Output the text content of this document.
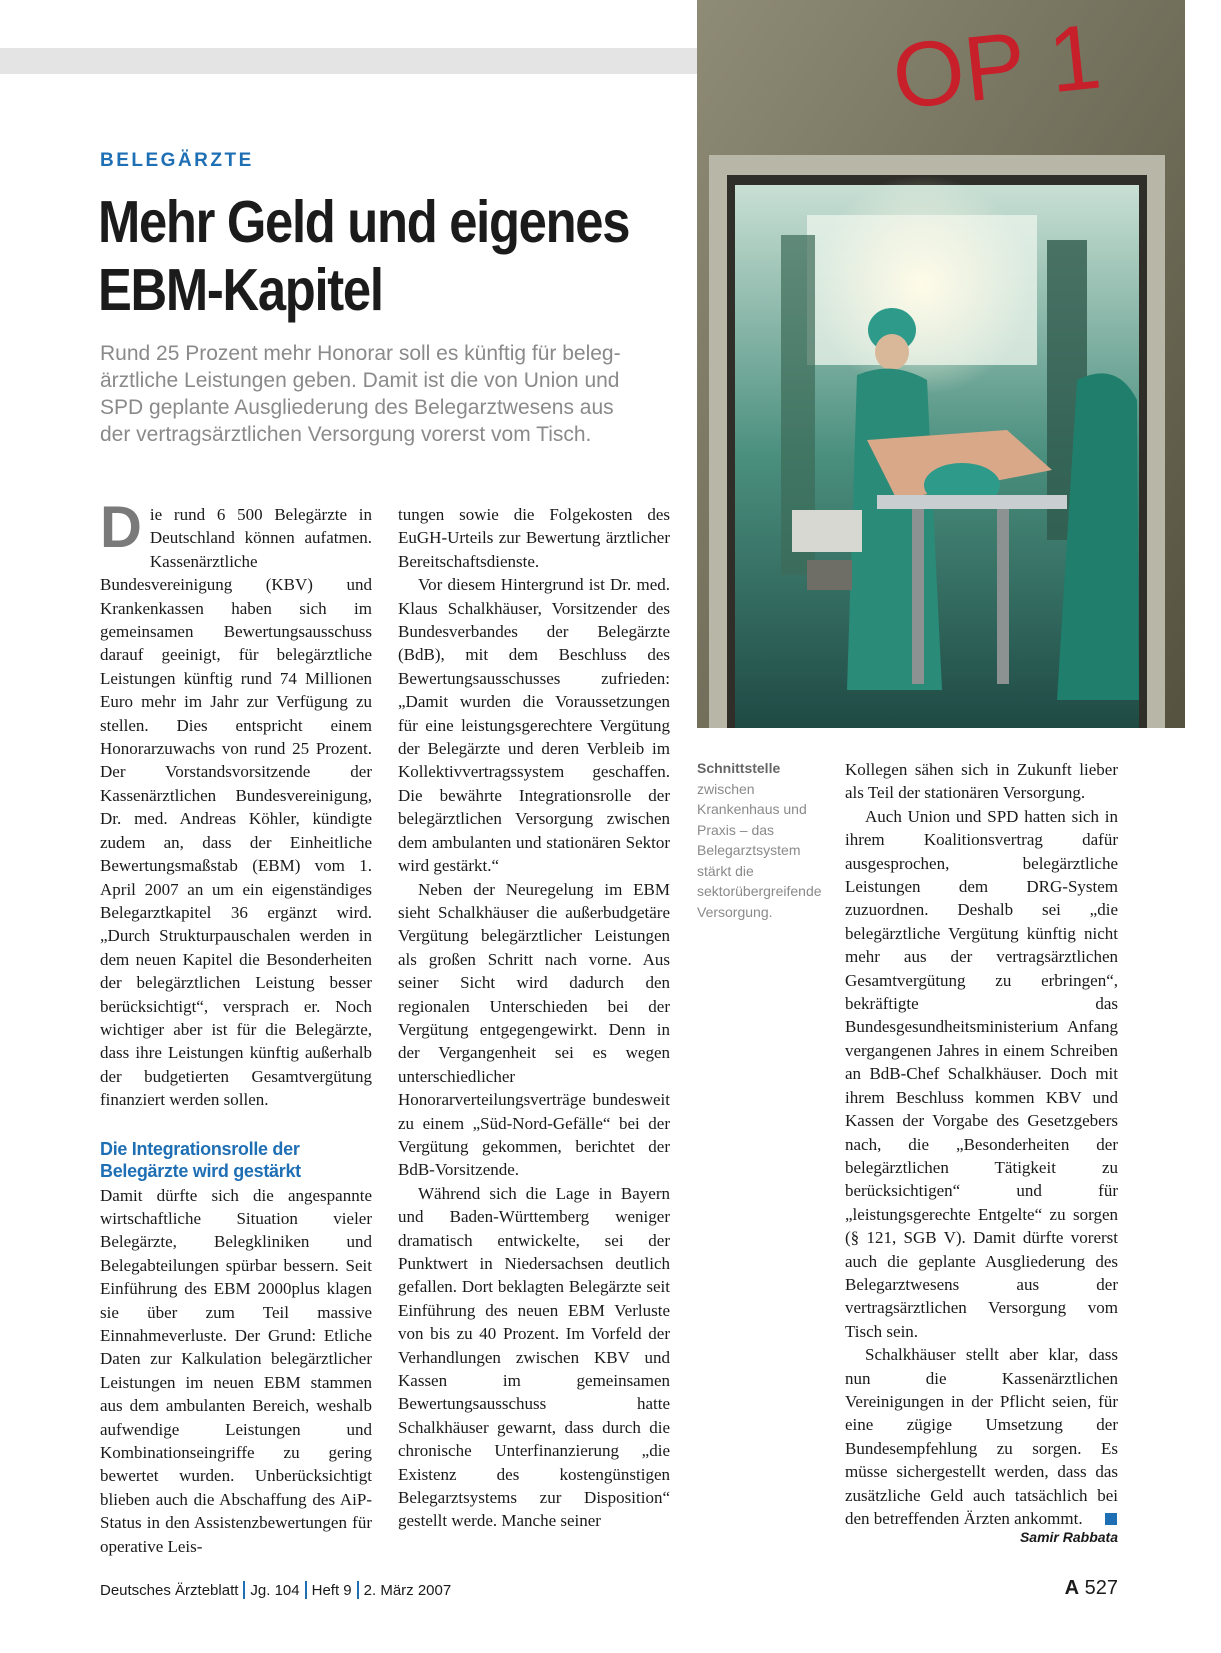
BELEGÄRZTE
Mehr Geld und eigenes
EBM-Kapitel

Rund 25 Prozent mehr Honorar soll es künftig für beleg-
ärztliche Leistungen geben. Damit ist die von Union und
SPD geplante Ausgliederung des Belegarztwesens aus
der vertragsärztlichen Versorgung vorerst vom Tisch.

OP 1
Schnittstelle zwischen Krankenhaus und Praxis – das Belegarztsystem stärkt die sektorübergreifende Versorgung.

Die rund 6 500 Belegärzte in Deutschland können aufatmen. Kassenärztliche Bundesvereinigung (KBV) und Krankenkassen haben sich im gemeinsamen Bewertungsausschuss darauf geeinigt, für belegärztliche Leistungen künftig rund 74 Millionen Euro mehr im Jahr zur Verfügung zu stellen. Dies entspricht einem Honorarzuwachs von rund 25 Prozent. Der Vorstandsvorsitzende der Kassenärztlichen Bundesvereinigung, Dr. med. Andreas Köhler, kündigte zudem an, dass der Einheitliche Bewertungsmaßstab (EBM) vom 1. April 2007 an um ein eigenständiges Belegarztkapitel 36 ergänzt wird. „Durch Strukturpauschalen werden in dem neuen Kapitel die Besonderheiten der belegärztlichen Leistung besser berücksichtigt“, versprach er. Noch wichtiger aber ist für die Belegärzte, dass ihre Leistungen künftig außerhalb der budgetierten Gesamtvergütung finanziert werden sollen.

Die Integrationsrolle der Belegärzte wird gestärkt

Damit dürfte sich die angespannte wirtschaftliche Situation vieler Belegärzte, Belegkliniken und Belegabteilungen spürbar bessern. Seit Einführung des EBM 2000plus klagen sie über zum Teil massive Einnahmeverluste. Der Grund: Etliche Daten zur Kalkulation belegärztlicher Leistungen im neuen EBM stammen aus dem ambulanten Bereich, weshalb aufwendige Leistungen und Kombinationseingriffe zu gering bewertet wurden. Unberücksichtigt blieben auch die Abschaffung des AiP-Status in den Assistenzbewertungen für operative Leis-

tungen sowie die Folgekosten des EuGH-Urteils zur Bewertung ärztlicher Bereitschaftsdienste.

Vor diesem Hintergrund ist Dr. med. Klaus Schalkhäuser, Vorsitzender des Bundesverbandes der Belegärzte (BdB), mit dem Beschluss des Bewertungsausschusses zufrieden: „Damit wurden die Voraussetzungen für eine leistungsgerechtere Vergütung der Belegärzte und deren Verbleib im Kollektivvertragssystem geschaffen. Die bewährte Integrationsrolle der belegärztlichen Versorgung zwischen dem ambulanten und stationären Sektor wird gestärkt.“

Neben der Neuregelung im EBM sieht Schalkhäuser die außerbudgetäre Vergütung belegärztlicher Leistungen als großen Schritt nach vorne. Aus seiner Sicht wird dadurch den regionalen Unterschieden bei der Vergütung entgegengewirkt. Denn in der Vergangenheit sei es wegen unterschiedlicher Honorarverteilungsverträge bundesweit zu einem „Süd-Nord-Gefälle“ bei der Vergütung gekommen, berichtet der BdB-Vorsitzende.

Während sich die Lage in Bayern und Baden-Württemberg weniger dramatisch entwickelte, sei der Punktwert in Niedersachsen deutlich gefallen. Dort beklagten Belegärzte seit Einführung des neuen EBM Verluste von bis zu 40 Prozent. Im Vorfeld der Verhandlungen zwischen KBV und Kassen im gemeinsamen Bewertungsausschuss hatte Schalkhäuser gewarnt, dass durch die chronische Unterfinanzierung „die Existenz des kostengünstigen Belegarztsystems zur Disposition“ gestellt werde. Manche seiner

Kollegen sähen sich in Zukunft lieber als Teil der stationären Versorgung.

Auch Union und SPD hatten sich in ihrem Koalitionsvertrag dafür ausgesprochen, belegärztliche Leistungen dem DRG-System zuzuordnen. Deshalb sei „die belegärztliche Vergütung künftig nicht mehr aus der vertragsärztlichen Gesamtvergütung zu erbringen“, bekräftigte das Bundesgesundheitsministerium Anfang vergangenen Jahres in einem Schreiben an BdB-Chef Schalkhäuser. Doch mit ihrem Beschluss kommen KBV und Kassen der Vorgabe des Gesetzgebers nach, die „Besonderheiten der belegärztlichen Tätigkeit zu berücksichtigen“ und für „leistungsgerechte Entgelte“ zu sorgen (§ 121, SGB V). Damit dürfte vorerst auch die geplante Ausgliederung des Belegarztwesens aus der vertragsärztlichen Versorgung vom Tisch sein.

Schalkhäuser stellt aber klar, dass nun die Kassenärztlichen Vereinigungen in der Pflicht seien, für eine zügige Umsetzung der Bundesempfehlung zu sorgen. Es müsse sichergestellt werden, dass das zusätzliche Geld auch tatsächlich bei den betreffenden Ärzten ankommt.

Samir Rabbata
Deutsches Ärzteblatt Jg. 104 Heft 9 2. März 2007	A 527
